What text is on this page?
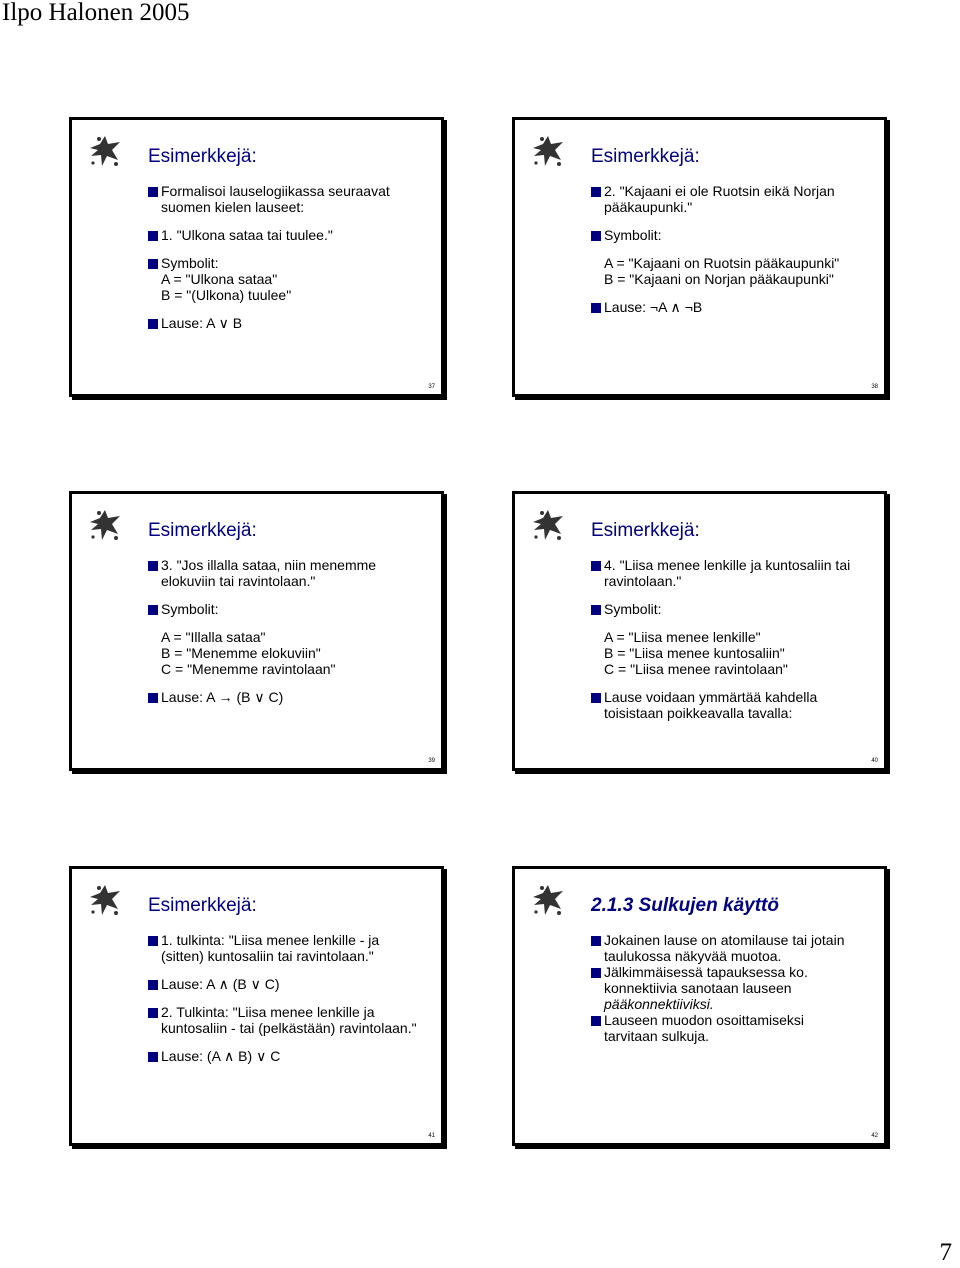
Ilpo Halonen 2005
Esimerkkejä:
Formalisoi lauselogiikassa seuraavat
suomen kielen lauseet:
1. "Ulkona sataa tai tuulee."
Symbolit:
A = "Ulkona sataa"
B = "(Ulkona) tuulee"
Lause: A ∨ B
37
Esimerkkejä:
2. "Kajaani ei ole Ruotsin eikä Norjan
pääkaupunki."
Symbolit:
A = "Kajaani on Ruotsin pääkaupunki"
B = "Kajaani on Norjan pääkaupunki"
Lause: ¬A ∧ ¬B
38
Esimerkkejä:
3. "Jos illalla sataa, niin menemme
elokuviin tai ravintolaan."
Symbolit:
A = "Illalla sataa"
B = "Menemme elokuviin"
C = "Menemme ravintolaan"
Lause: A → (B ∨ C)
39
Esimerkkejä:
4. "Liisa menee lenkille ja kuntosaliin tai
ravintolaan."
Symbolit:
A = "Liisa menee lenkille"
B = "Liisa menee kuntosaliin"
C = "Liisa menee ravintolaan"
Lause voidaan ymmärtää kahdella
toisistaan poikkeavalla tavalla:
40
Esimerkkejä:
1. tulkinta: "Liisa menee lenkille - ja
(sitten) kuntosaliin tai ravintolaan."
Lause: A ∧ (B ∨ C)
2. Tulkinta: "Liisa menee lenkille ja
kuntosaliin - tai (pelkästään) ravintolaan."
Lause: (A ∧ B) ∨ C
41
2.1.3 Sulkujen käyttö
Jokainen lause on atomilause tai jotain
taulukossa näkyvää muotoa.
Jälkimmäisessä tapauksessa ko.
konnektiivia sanotaan lauseen
pääkonnektiiviksi.
Lauseen muodon osoittamiseksi
tarvitaan sulkuja.
42
7
